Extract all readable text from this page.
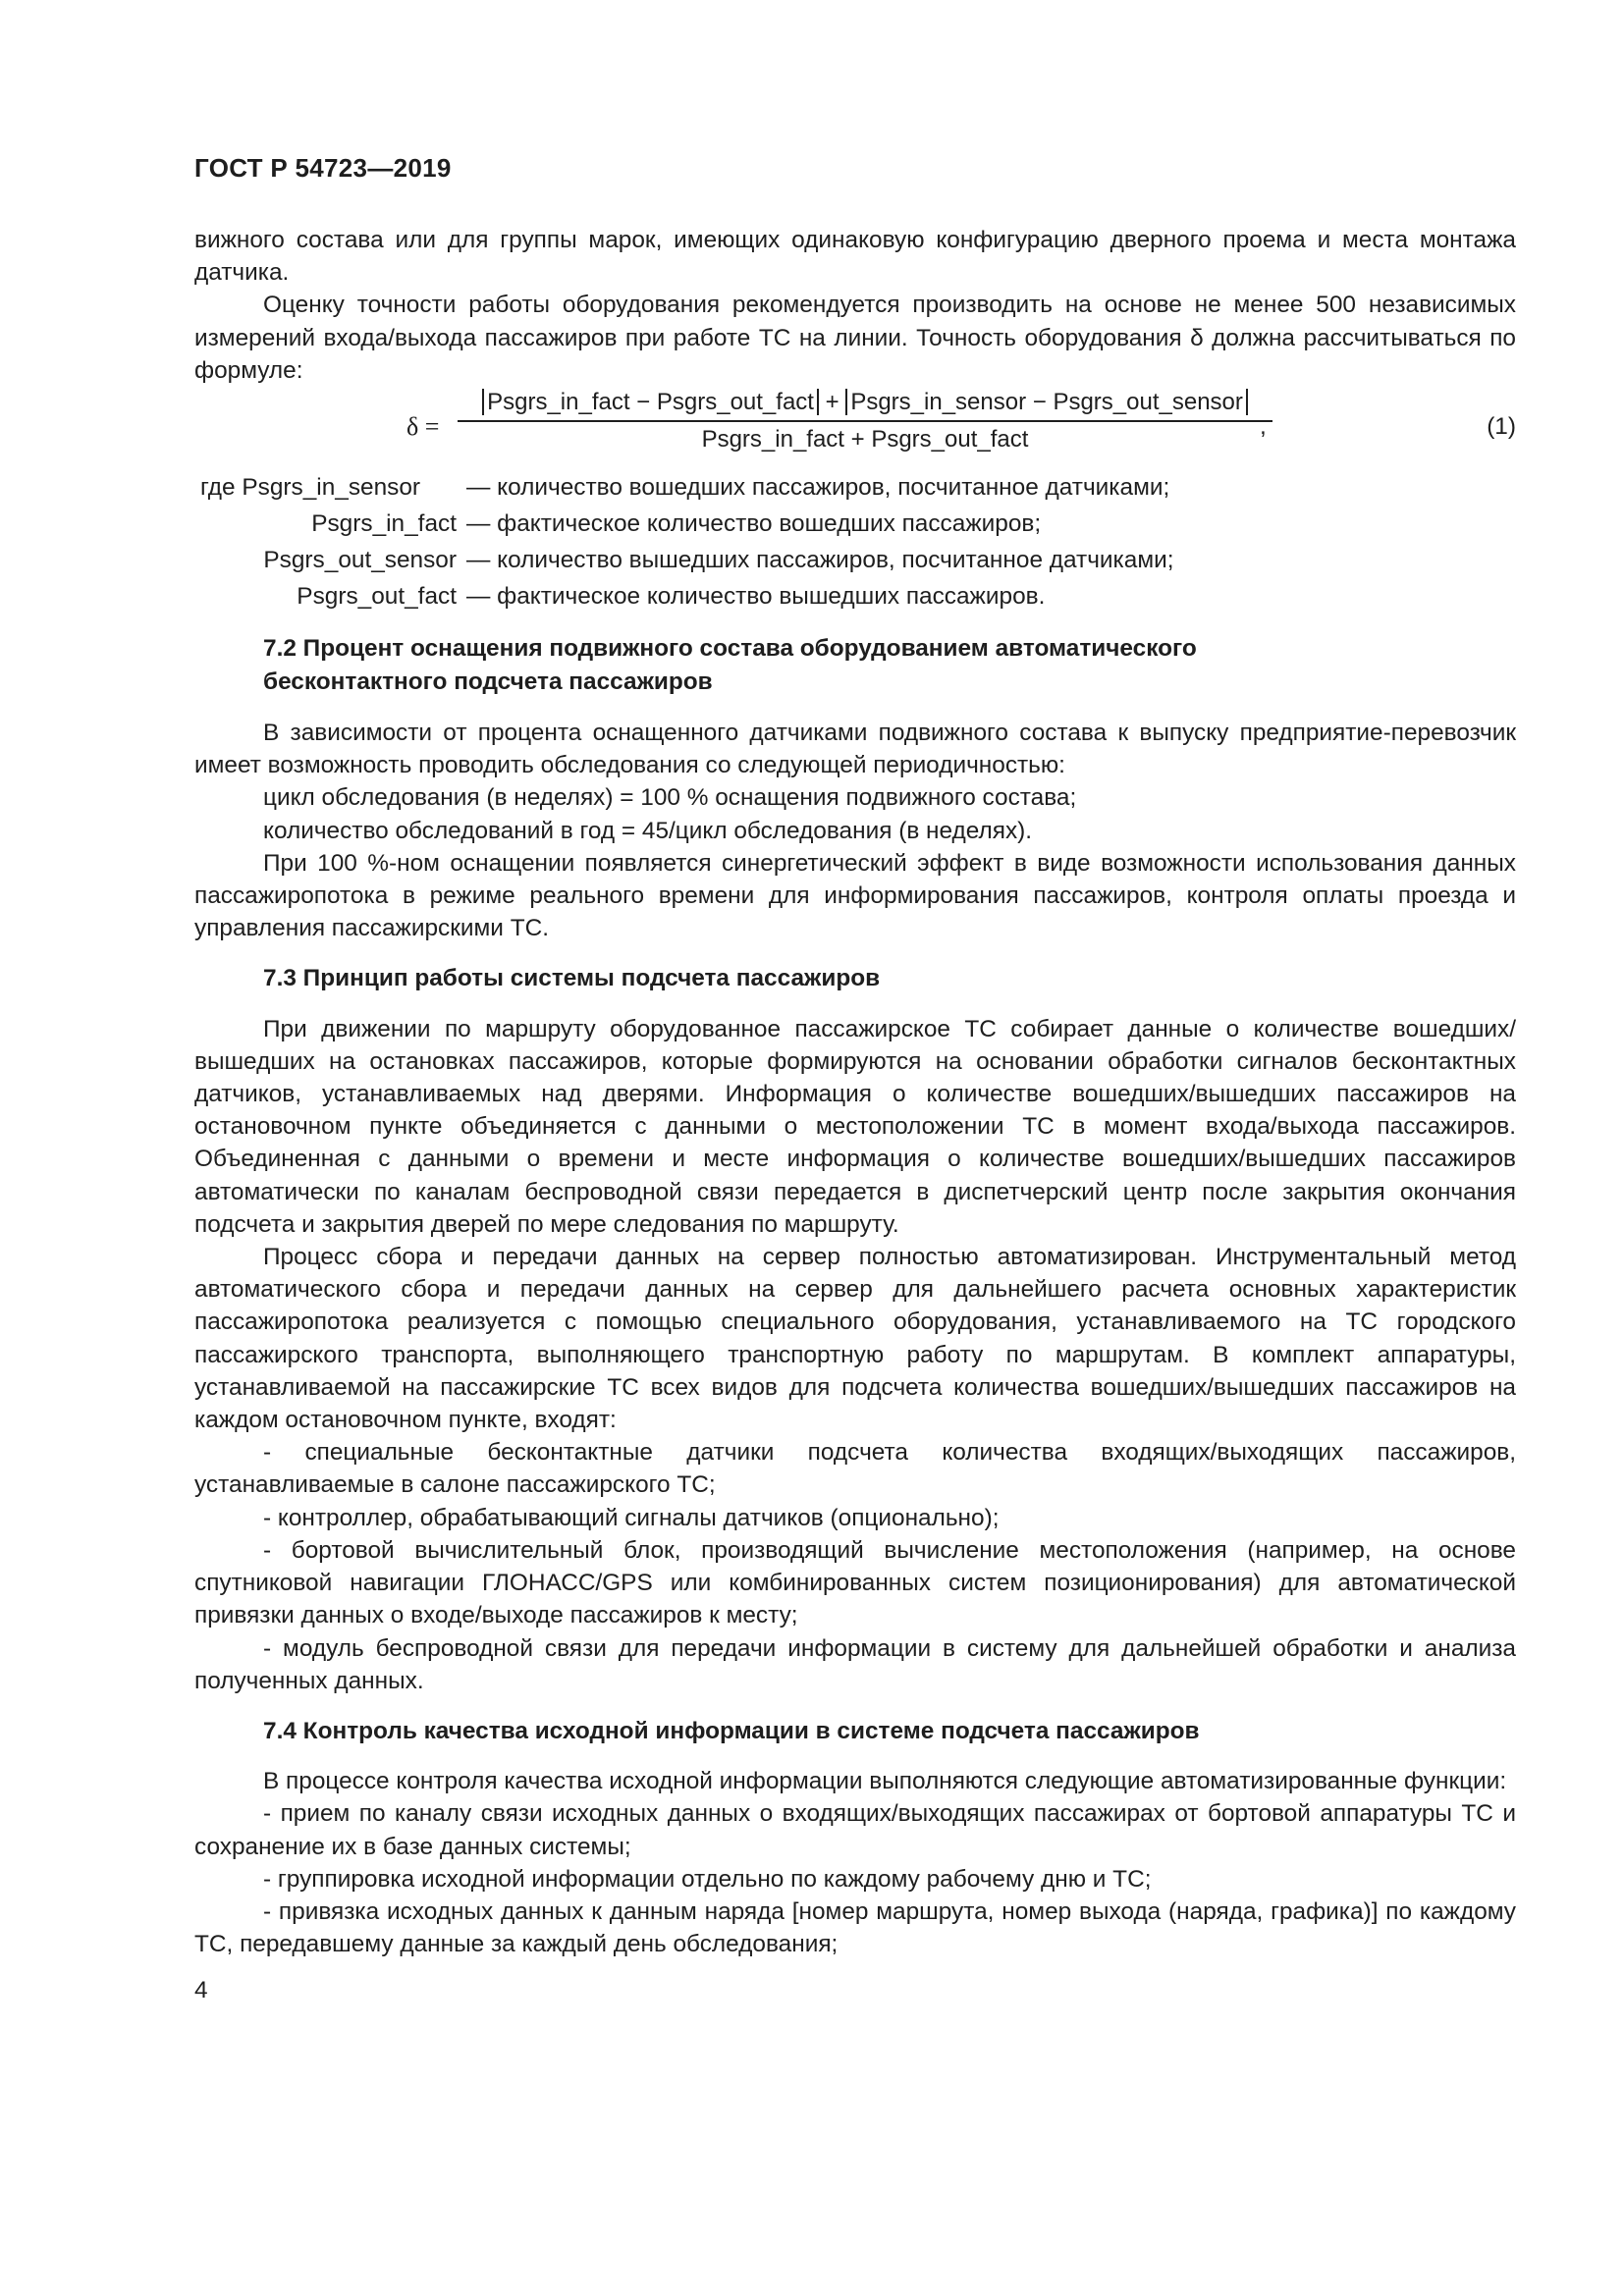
ГОСТ Р 54723—2019

вижного состава или для группы марок, имеющих одинаковую конфигурацию дверного проема и места монтажа датчика.

Оценку точности работы оборудования рекомендуется производить на основе не менее 500 независимых измерений входа/выхода пассажиров при работе ТС на линии. Точность оборудования δ должна рассчитываться по формуле:

δ =
Psgrs_in_fact − Psgrs_out_fact + Psgrs_in_sensor − Psgrs_out_sensor
Psgrs_in_fact + Psgrs_out_fact	,	(1)
где Psgrs_in_sensor	— количество вошедших пассажиров, посчитанное датчиками;
Psgrs_in_fact — фактическое количество вошедших пассажиров;
Psgrs_out_sensor — количество вышедших пассажиров, посчитанное датчиками;
Psgrs_out_fact — фактическое количество вышедших пассажиров.

7.2 Процент оснащения подвижного состава оборудованием автоматического
бесконтактного подсчета пассажиров

В зависимости от процента оснащенного датчиками подвижного состава к выпуску предприятие-перевозчик имеет возможность проводить обследования со следующей периодичностью:

цикл обследования (в неделях) = 100 % оснащения подвижного состава;

количество обследований в год = 45/цикл обследования (в неделях).

При 100 %-ном оснащении появляется синергетический эффект в виде возможности использования данных пассажиропотока в режиме реального времени для информирования пассажиров, контроля оплаты проезда и управления пассажирскими ТС.

7.3 Принцип работы системы подсчета пассажиров

При движении по маршруту оборудованное пассажирское ТС собирает данные о количестве вошедших/вышедших на остановках пассажиров, которые формируются на основании обработки сигналов бесконтактных датчиков, устанавливаемых над дверями. Информация о количестве вошедших/вышедших пассажиров на остановочном пункте объединяется с данными о местоположении ТС в момент входа/выхода пассажиров. Объединенная с данными о времени и месте информация о количестве вошедших/вышедших пассажиров автоматически по каналам беспроводной связи передается в диспетчерский центр после закрытия окончания подсчета и закрытия дверей по мере следования по маршруту.

Процесс сбора и передачи данных на сервер полностью автоматизирован. Инструментальный метод автоматического сбора и передачи данных на сервер для дальнейшего расчета основных характеристик пассажиропотока реализуется с помощью специального оборудования, устанавливаемого на ТС городского пассажирского транспорта, выполняющего транспортную работу по маршрутам. В комплект аппаратуры, устанавливаемой на пассажирские ТС всех видов для подсчета количества вошедших/вышедших пассажиров на каждом остановочном пункте, входят:

- специальные бесконтактные датчики подсчета количества входящих/выходящих пассажиров, устанавливаемые в салоне пассажирского ТС;

- контроллер, обрабатывающий сигналы датчиков (опционально);

- бортовой вычислительный блок, производящий вычисление местоположения (например, на основе спутниковой навигации ГЛОНАСС/GPS или комбинированных систем позиционирования) для автоматической привязки данных о входе/выходе пассажиров к месту;

- модуль беспроводной связи для передачи информации в систему для дальнейшей обработки и анализа полученных данных.

7.4 Контроль качества исходной информации в системе подсчета пассажиров

В процессе контроля качества исходной информации выполняются следующие автоматизированные функции:

- прием по каналу связи исходных данных о входящих/выходящих пассажирах от бортовой аппаратуры ТС и сохранение их в базе данных системы;

- группировка исходной информации отдельно по каждому рабочему дню и ТС;

- привязка исходных данных к данным наряда [номер маршрута, номер выхода (наряда, графика)] по каждому ТС, передавшему данные за каждый день обследования;

4
